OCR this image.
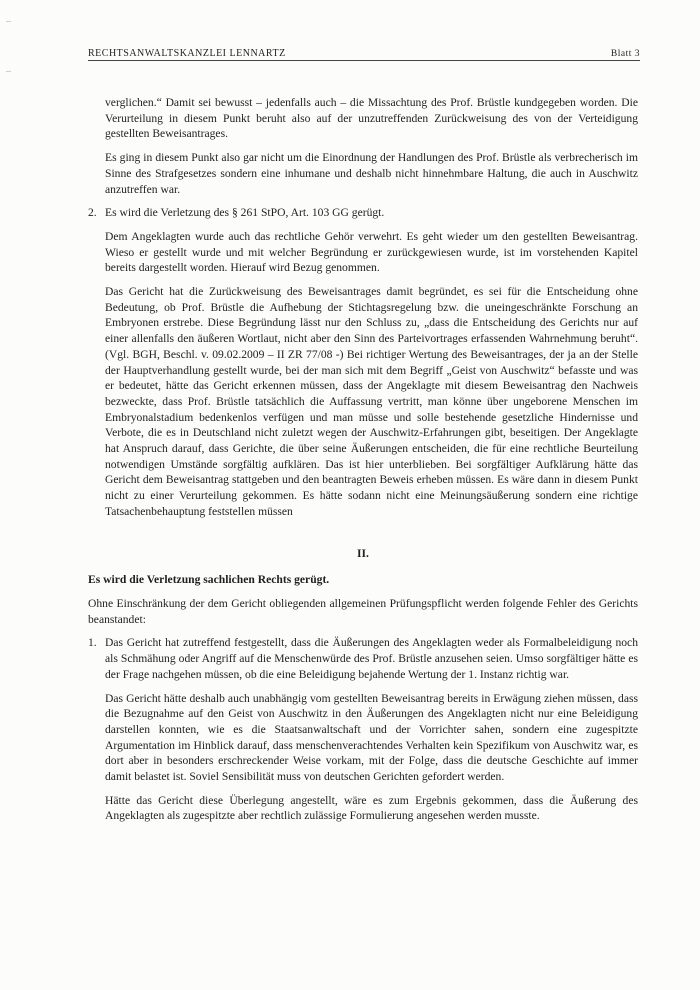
–
–
RECHTSANWALTSKANZLEI LENNARTZ	Blatt 3

verglichen.“ Damit sei bewusst – jedenfalls auch – die Missachtung des Prof. Brüstle kundgegeben worden. Die Verurteilung in diesem Punkt beruht also auf der unzutreffenden Zurückweisung des von der Verteidigung gestellten Beweisantrages.

Es ging in diesem Punkt also gar nicht um die Einordnung der Handlungen des Prof. Brüstle als verbrecherisch im Sinne des Strafgesetzes sondern eine inhumane und deshalb nicht hinnehmbare Haltung, die auch in Auschwitz anzutreffen war.

2. Es wird die Verletzung des § 261 StPO, Art. 103 GG gerügt.

Dem Angeklagten wurde auch das rechtliche Gehör verwehrt. Es geht wieder um den gestellten Beweisantrag. Wieso er gestellt wurde und mit welcher Begründung er zurückgewiesen wurde, ist im vorstehenden Kapitel bereits dargestellt worden. Hierauf wird Bezug genommen.

Das Gericht hat die Zurückweisung des Beweisantrages damit begründet, es sei für die Entscheidung ohne Bedeutung, ob Prof. Brüstle die Aufhebung der Stichtagsregelung bzw. die uneingeschränkte Forschung an Embryonen erstrebe. Diese Begründung lässt nur den Schluss zu, „dass die Entscheidung des Gerichts nur auf einer allenfalls den äußeren Wortlaut, nicht aber den Sinn des Parteivortrages erfassenden Wahrnehmung beruht“. (Vgl. BGH, Beschl. v. 09.02.2009 – II ZR 77/08 -) Bei richtiger Wertung des Beweisantrages, der ja an der Stelle der Hauptverhandlung gestellt wurde, bei der man sich mit dem Begriff „Geist von Auschwitz“ befasste und was er bedeutet, hätte das Gericht erkennen müssen, dass der Angeklagte mit diesem Beweisantrag den Nachweis bezweckte, dass Prof. Brüstle tatsächlich die Auffassung vertritt, man könne über ungeborene Menschen im Embryonalstadium bedenkenlos verfügen und man müsse und solle bestehende gesetzliche Hindernisse und Verbote, die es in Deutschland nicht zuletzt wegen der Auschwitz-Erfahrungen gibt, beseitigen. Der Angeklagte hat Anspruch darauf, dass Gerichte, die über seine Äußerungen entscheiden, die für eine rechtliche Beurteilung notwendigen Umstände sorgfältig aufklären. Das ist hier unterblieben. Bei sorgfältiger Aufklärung hätte das Gericht dem Beweisantrag stattgeben und den beantragten Beweis erheben müssen. Es wäre dann in diesem Punkt nicht zu einer Verurteilung gekommen. Es hätte sodann nicht eine Meinungsäußerung sondern eine richtige Tatsachenbehauptung feststellen müssen

II.

Es wird die Verletzung sachlichen Rechts gerügt.

Ohne Einschränkung der dem Gericht obliegenden allgemeinen Prüfungspflicht werden folgende Fehler des Gerichts beanstandet:

1. Das Gericht hat zutreffend festgestellt, dass die Äußerungen des Angeklagten weder als Formalbeleidigung noch als Schmähung oder Angriff auf die Menschenwürde des Prof. Brüstle anzusehen seien. Umso sorgfältiger hätte es der Frage nachgehen müssen, ob die eine Beleidigung bejahende Wertung der 1. Instanz richtig war.

Das Gericht hätte deshalb auch unabhängig vom gestellten Beweisantrag bereits in Erwägung ziehen müssen, dass die Bezugnahme auf den Geist von Auschwitz in den Äußerungen des Angeklagten nicht nur eine Beleidigung darstellen konnten, wie es die Staatsanwaltschaft und der Vorrichter sahen, sondern eine zugespitzte Argumentation im Hinblick darauf, dass menschenverachtendes Verhalten kein Spezifikum von Auschwitz war, es dort aber in besonders erschreckender Weise vorkam, mit der Folge, dass die deutsche Geschichte auf immer damit belastet ist. Soviel Sensibilität muss von deutschen Gerichten gefordert werden.

Hätte das Gericht diese Überlegung angestellt, wäre es zum Ergebnis gekommen, dass die Äußerung des Angeklagten als zugespitzte aber rechtlich zulässige Formulierung angesehen werden musste.
